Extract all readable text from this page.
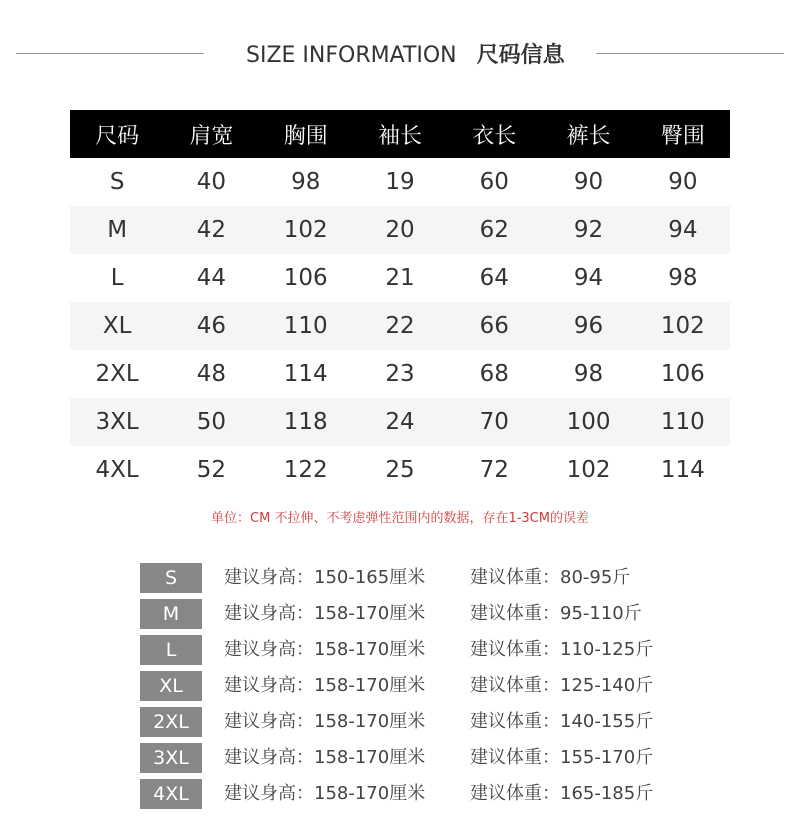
SIZE INFORMATION 尺码信息
尺码	肩宽	胸围	袖长	衣长	裤长	臀围
S	40	98	19	60	90	90
M	42	102	20	62	92	94
L	44	106	21	64	94	98
XL	46	110	22	66	96	102
2XL	48	114	23	68	98	106
3XL	50	118	24	70	100	110
4XL	52	122	25	72	102	114
单位：CM 不拉伸、不考虑弹性范围内的数据，存在1-3CM的误差
S	建议身高：150-165厘米 建议体重：80-95斤
M	建议身高：158-170厘米 建议体重：95-110斤
L	建议身高：158-170厘米 建议体重：110-125斤
XL	建议身高：158-170厘米 建议体重：125-140斤
2XL	建议身高：158-170厘米 建议体重：140-155斤
3XL	建议身高：158-170厘米 建议体重：155-170斤
4XL	建议身高：158-170厘米 建议体重：165-185斤
